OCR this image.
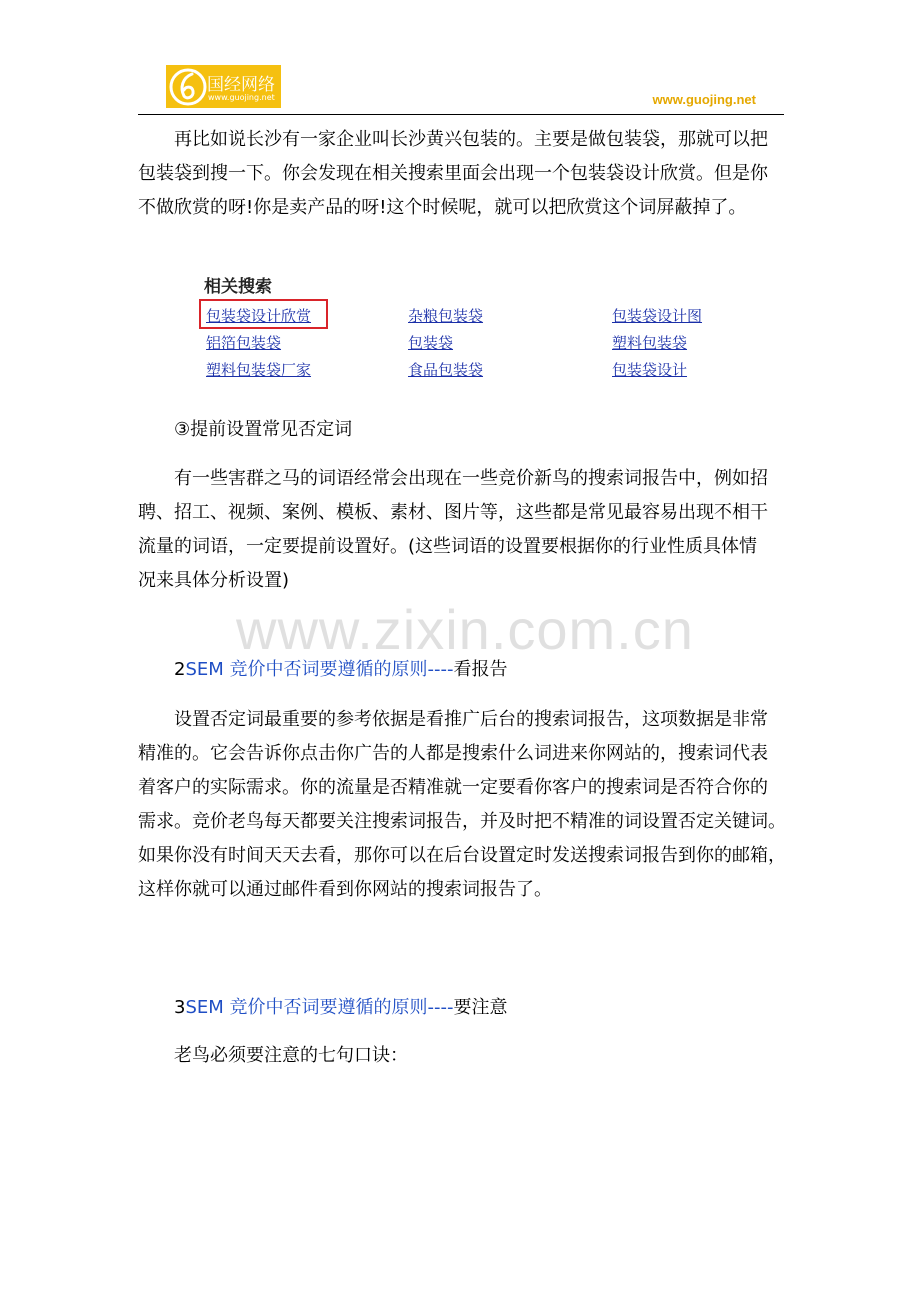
国经网络
www.guojing.net	www.guojing.net
再比如说长沙有一家企业叫长沙黄兴包装的。主要是做包装袋，那就可以把
包装袋到搜一下。你会发现在相关搜索里面会出现一个包装袋设计欣赏。但是你
不做欣赏的呀!你是卖产品的呀!这个时候呢，就可以把欣赏这个词屏蔽掉了。
相关搜索
包装袋设计欣赏	杂粮包装袋	包装袋设计图
铝箔包装袋	包装袋	塑料包装袋
塑料包装袋厂家	食品包装袋	包装袋设计
③提前设置常见否定词
有一些害群之马的词语经常会出现在一些竞价新鸟的搜索词报告中，例如招
聘、招工、视频、案例、模板、素材、图片等，这些都是常见最容易出现不相干
流量的词语，一定要提前设置好。(这些词语的设置要根据你的行业性质具体情
况来具体分析设置)
www.zixin.com.cn
2SEM 竞价中否词要遵循的原则----看报告
设置否定词最重要的参考依据是看推广后台的搜索词报告，这项数据是非常
精准的。它会告诉你点击你广告的人都是搜索什么词进来你网站的，搜索词代表
着客户的实际需求。你的流量是否精准就一定要看你客户的搜索词是否符合你的
需求。竞价老鸟每天都要关注搜索词报告，并及时把不精准的词设置否定关键词。
如果你没有时间天天去看，那你可以在后台设置定时发送搜索词报告到你的邮箱，
这样你就可以通过邮件看到你网站的搜索词报告了。
3SEM 竞价中否词要遵循的原则----要注意
老鸟必须要注意的七句口诀：
